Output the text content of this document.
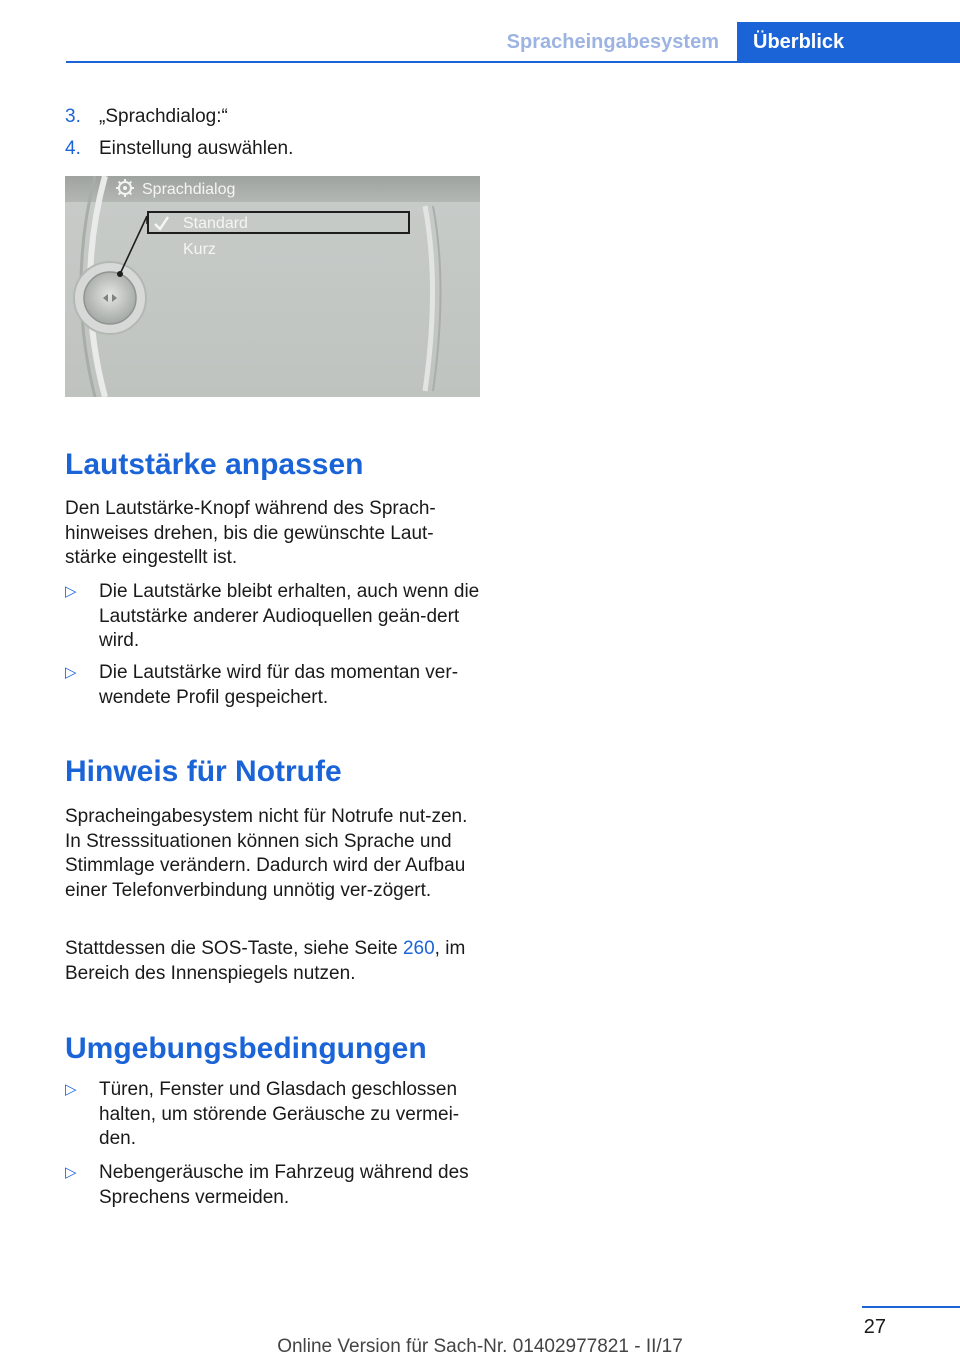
Spracheingabesystem	Überblick
3. „Sprachdialog:“
4. Einstellung auswählen.
Sprachdialog
Standard
Kurz
Lautstärke anpassen

Den Lautstärke-Knopf während des Sprach-hinweises drehen, bis die gewünschte Laut-stärke eingestellt ist.

▷ Die Lautstärke bleibt erhalten, auch wenn die Lautstärke anderer Audioquellen geän-dert wird.
▷ Die Lautstärke wird für das momentan ver-wendete Profil gespeichert.
Hinweis für Notrufe

Spracheingabesystem nicht für Notrufe nut-zen. In Stresssituationen können sich Sprache und Stimmlage verändern. Dadurch wird der Aufbau einer Telefonverbindung unnötig ver-zögert.

Stattdessen die SOS-Taste, siehe Seite 260, im Bereich des Innenspiegels nutzen.

Umgebungsbedingungen
▷ Türen, Fenster und Glasdach geschlossen halten, um störende Geräusche zu vermei-den.
▷ Nebengeräusche im Fahrzeug während des Sprechens vermeiden.
27
Online Version für Sach-Nr. 01402977821 - II/17
